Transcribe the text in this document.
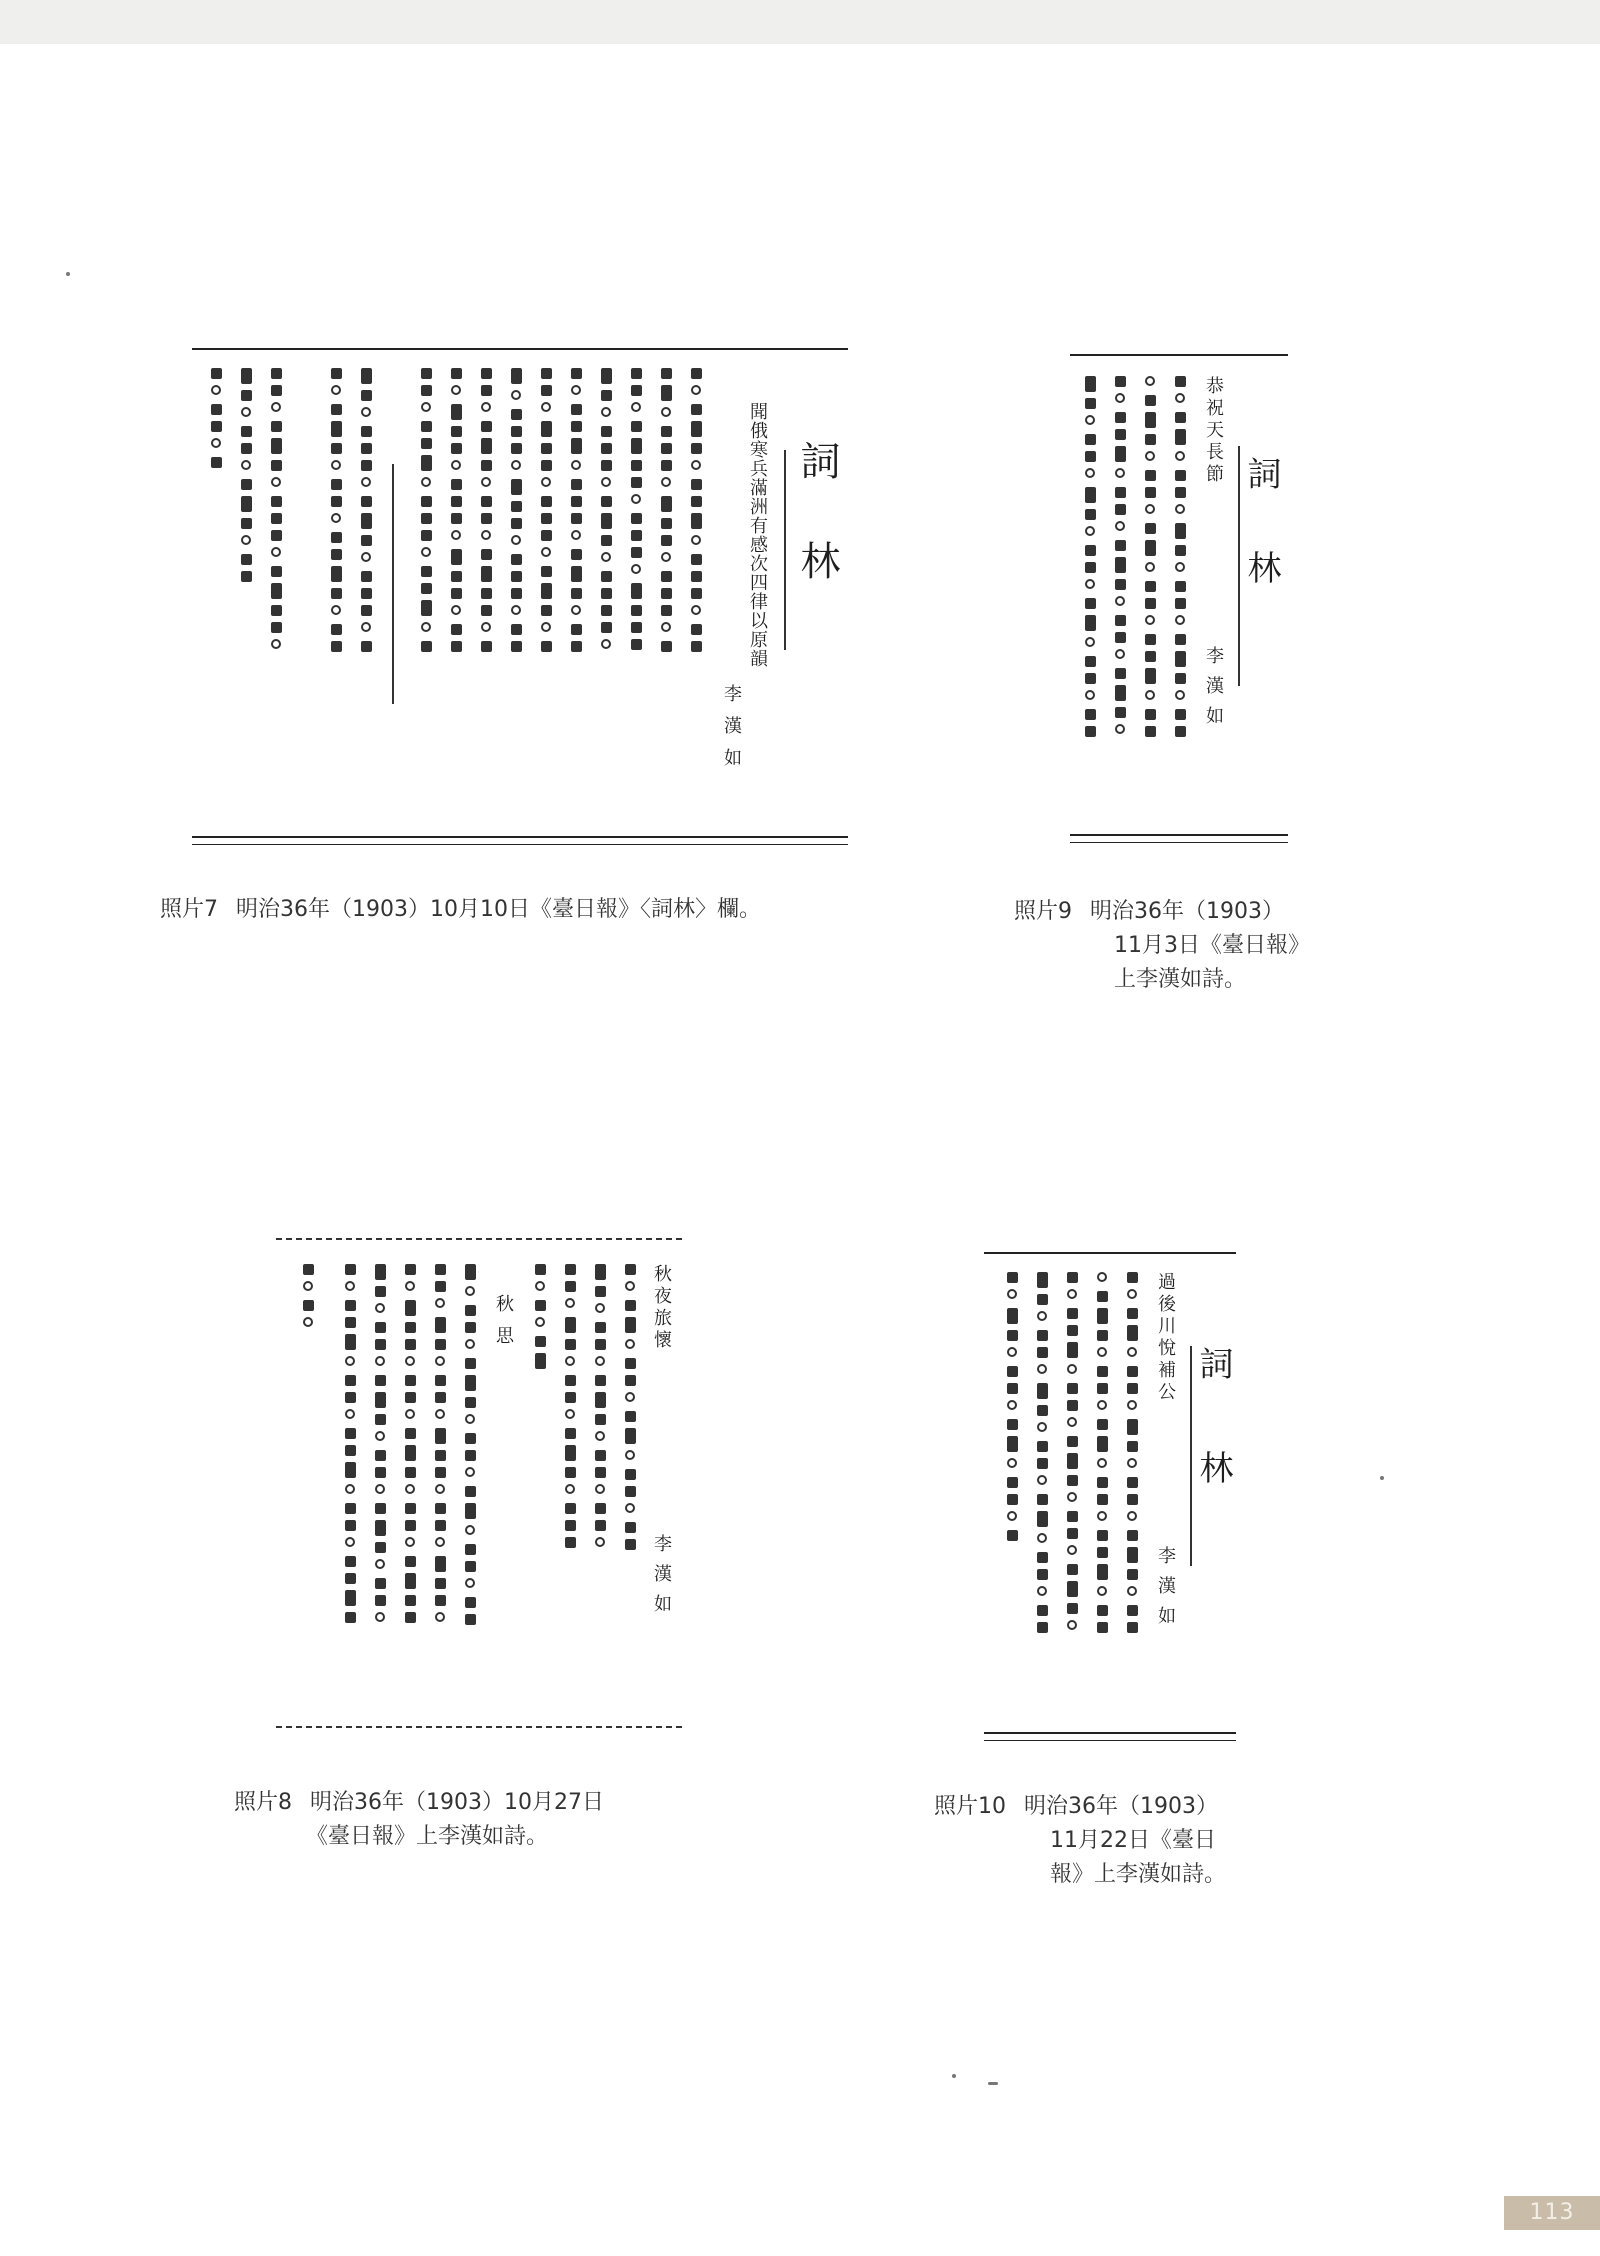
詞林
聞俄寒兵滿洲有感次四律以原韻
李漢如
照片7 明治36年（1903）10月10日《臺日報》〈詞林〉欄。
詞林
恭祝天長節
李漢如
照片9 明治36年（1903）
11月3日《臺日報》
上李漢如詩。
秋夜旅懷
李漢如
秋思
照片8 明治36年（1903）10月27日
《臺日報》上李漢如詩。
詞林
過後川悅補公
李漢如
照片10 明治36年（1903）
11月22日《臺日
報》上李漢如詩。
113
